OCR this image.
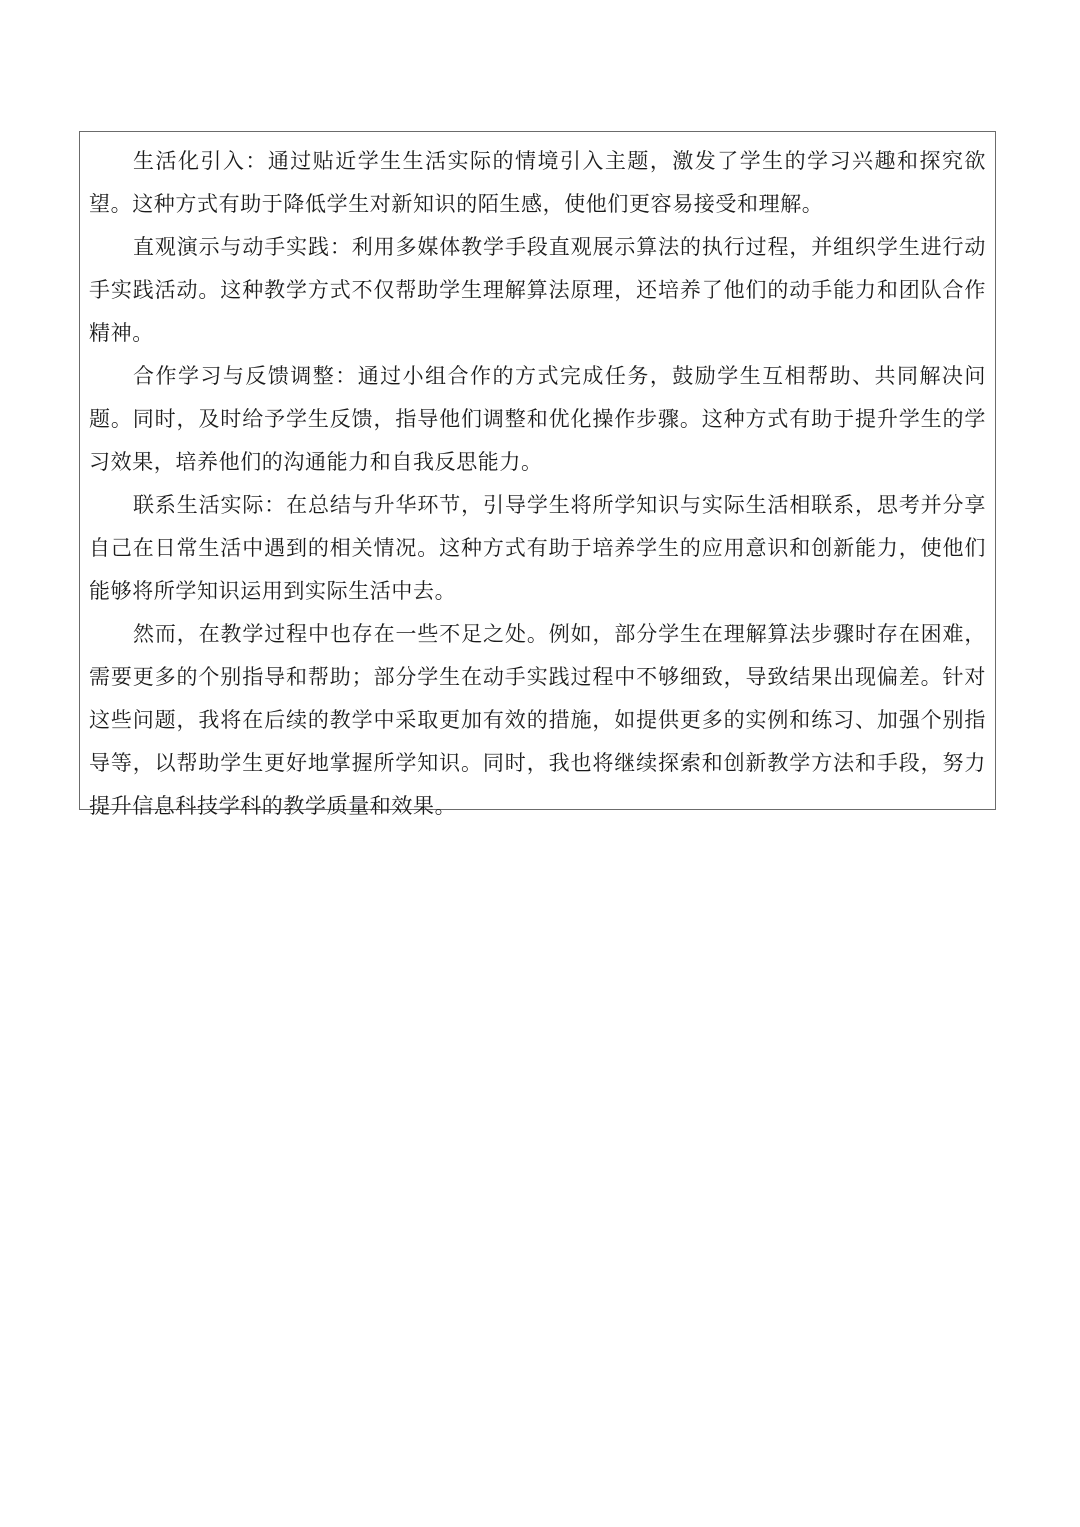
生活化引入：通过贴近学生生活实际的情境引入主题，激发了学生的学习兴趣和探究欲望。这种方式有助于降低学生对新知识的陌生感，使他们更容易接受和理解。

直观演示与动手实践：利用多媒体教学手段直观展示算法的执行过程，并组织学生进行动手实践活动。这种教学方式不仅帮助学生理解算法原理，还培养了他们的动手能力和团队合作精神。

合作学习与反馈调整：通过小组合作的方式完成任务，鼓励学生互相帮助、共同解决问题。同时，及时给予学生反馈，指导他们调整和优化操作步骤。这种方式有助于提升学生的学习效果，培养他们的沟通能力和自我反思能力。

联系生活实际：在总结与升华环节，引导学生将所学知识与实际生活相联系，思考并分享自己在日常生活中遇到的相关情况。这种方式有助于培养学生的应用意识和创新能力，使他们能够将所学知识运用到实际生活中去。

然而，在教学过程中也存在一些不足之处。例如，部分学生在理解算法步骤时存在困难，需要更多的个别指导和帮助；部分学生在动手实践过程中不够细致，导致结果出现偏差。针对这些问题，我将在后续的教学中采取更加有效的措施，如提供更多的实例和练习、加强个别指导等，以帮助学生更好地掌握所学知识。同时，我也将继续探索和创新教学方法和手段，努力提升信息科技学科的教学质量和效果。
